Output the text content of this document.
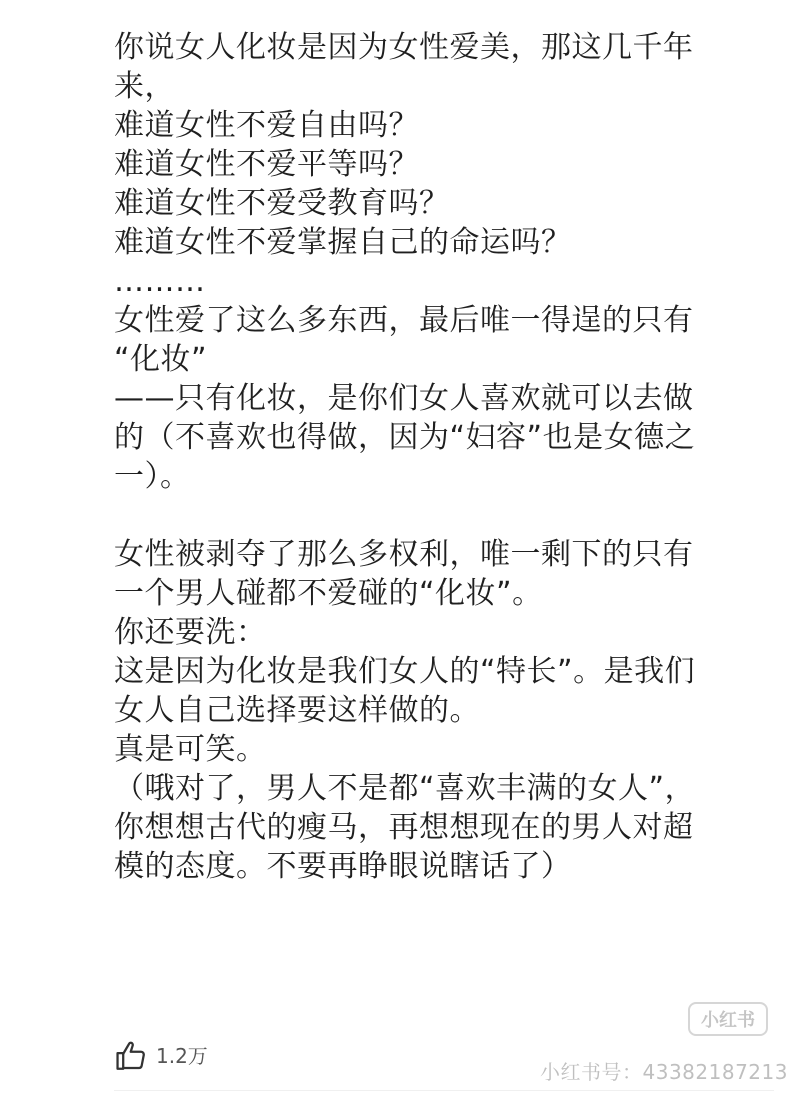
你说女人化妆是因为女性爱美，那这几千年
来，
难道女性不爱自由吗？
难道女性不爱平等吗？
难道女性不爱受教育吗？
难道女性不爱掌握自己的命运吗？
………
女性爱了这么多东西，最后唯一得逞的只有
“化妆”
——只有化妆，是你们女人喜欢就可以去做
的（不喜欢也得做，因为“妇容”也是女德之
一）。
女性被剥夺了那么多权利，唯一剩下的只有
一个男人碰都不爱碰的“化妆”。
你还要洗：
这是因为化妆是我们女人的“特长”。是我们
女人自己选择要这样做的。
真是可笑。
（哦对了，男人不是都“喜欢丰满的女人”，
你想想古代的瘦马，再想想现在的男人对超
模的态度。不要再睁眼说瞎话了）
小红书
1.2万
小红书号：4338218721​3
